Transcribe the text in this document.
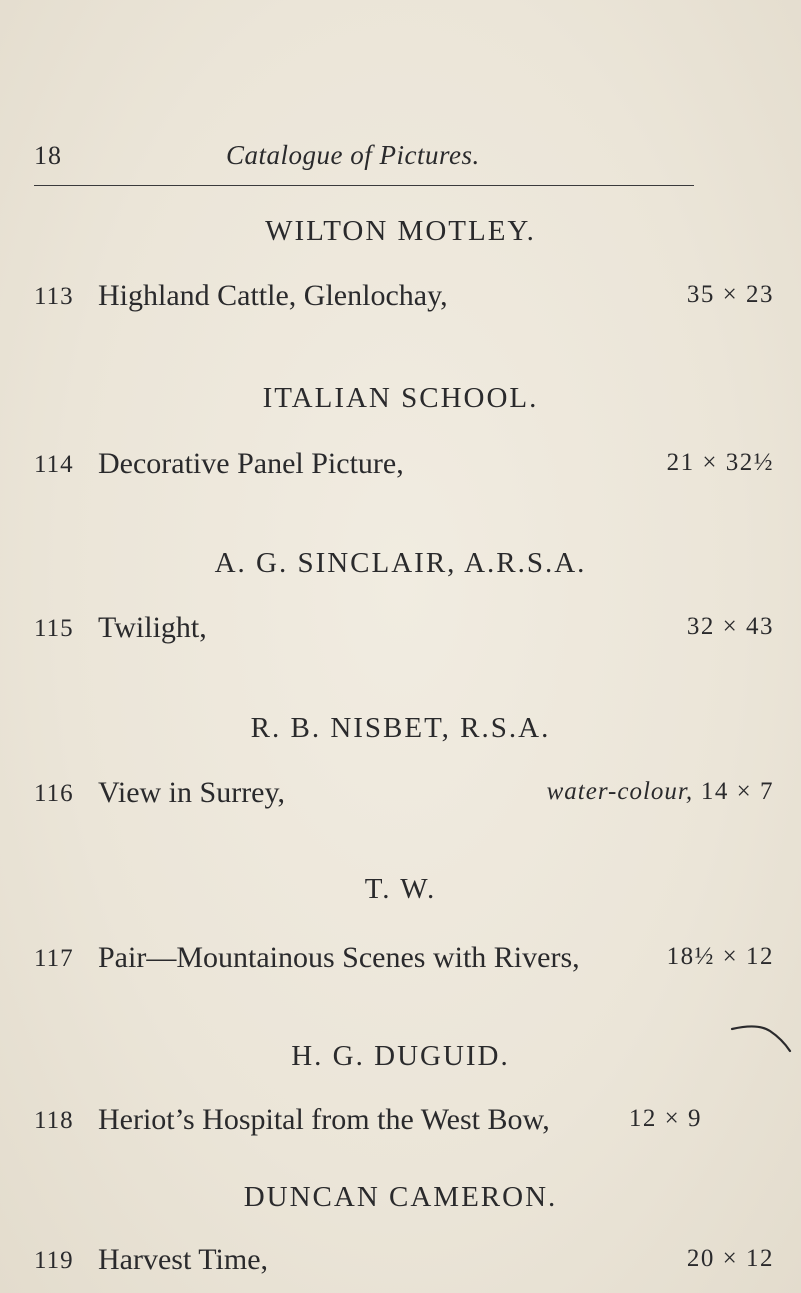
18	Catalogue of Pictures.
WILTON MOTLEY.
113 Highland Cattle, Glenlochay,	35 × 23
ITALIAN SCHOOL.
114 Decorative Panel Picture,	21 × 32½
A. G. SINCLAIR, A.R.S.A.
115 Twilight,	32 × 43
R. B. NISBET, R.S.A.
116 View in Surrey,	water-colour, 14 × 7
T. W.
117 Pair—Mountainous Scenes with Rivers,	18½ × 12
H. G. DUGUID.
118 Heriot’s Hospital from the West Bow,	12 × 9
DUNCAN CAMERON.
119 Harvest Time,	20 × 12
